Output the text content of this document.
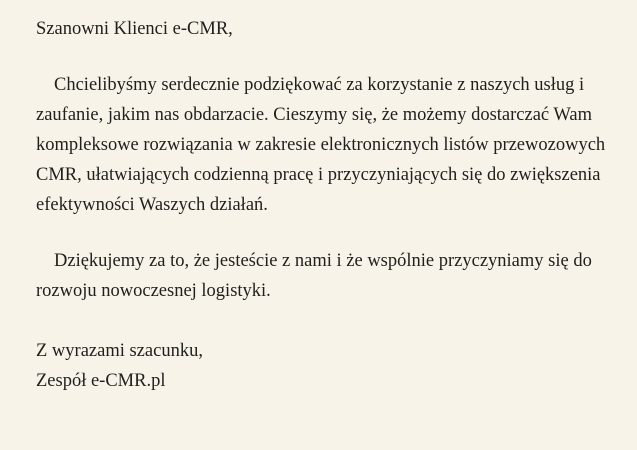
Szanowni Klienci e-CMR,

Chcielibyśmy serdecznie podziękować za korzystanie z naszych usług i zaufanie, jakim nas obdarzacie. Cieszymy się, że możemy dostarczać Wam kompleksowe rozwiązania w zakresie elektronicznych listów przewozowych CMR, ułatwiających codzienną pracę i przyczyniających się do zwiększenia efektywności Waszych działań.

Dziękujemy za to, że jesteście z nami i że wspólnie przyczyniamy się do rozwoju nowoczesnej logistyki.

Z wyrazami szacunku,

Zespół e-CMR.pl
